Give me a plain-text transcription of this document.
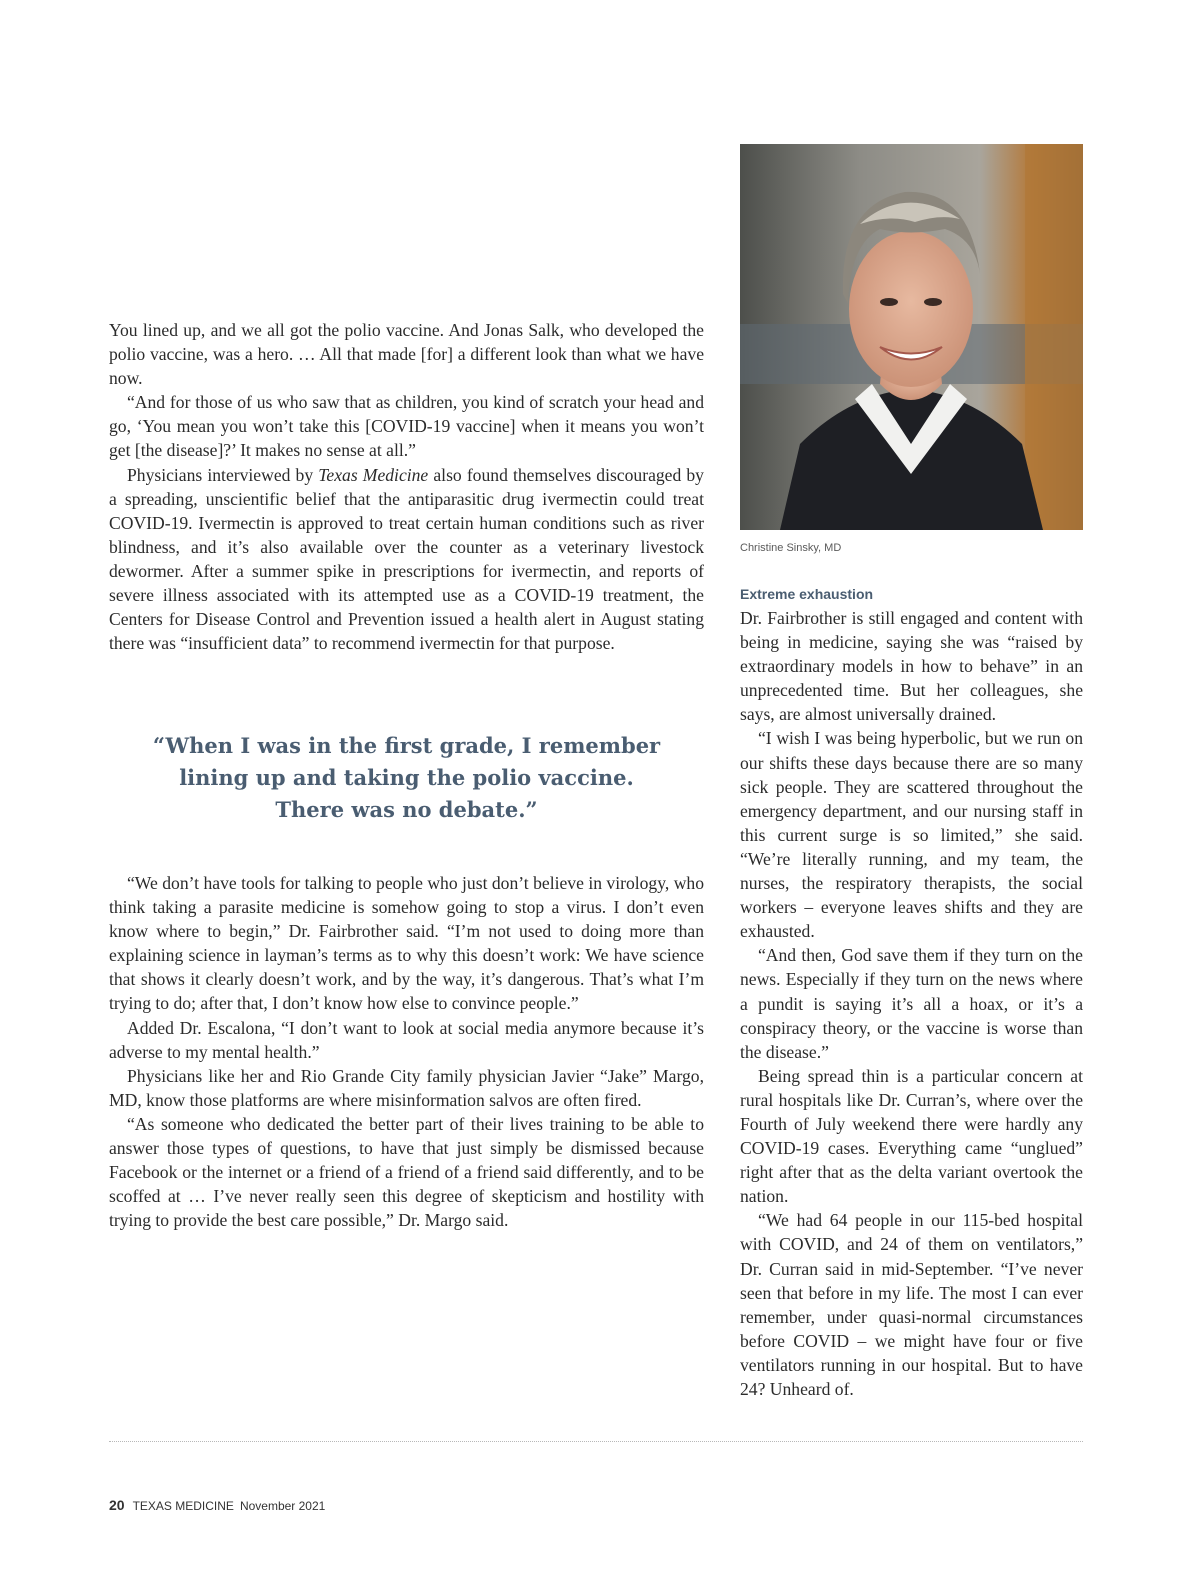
You lined up, and we all got the polio vaccine. And Jonas Salk, who developed the polio vaccine, was a hero. … All that made [for] a different look than what we have now.

“And for those of us who saw that as children, you kind of scratch your head and go, ‘You mean you won’t take this [COVID-19 vaccine] when it means you won’t get [the disease]?’ It makes no sense at all.”

Physicians interviewed by Texas Medicine also found themselves discouraged by a spreading, unscientific belief that the antiparasitic drug ivermectin could treat COVID-19. Ivermectin is approved to treat certain human conditions such as river blindness, and it’s also available over the counter as a veterinary livestock dewormer. After a summer spike in prescriptions for ivermectin, and reports of severe illness associated with its attempted use as a COVID-19 treatment, the Centers for Disease Control and Prevention issued a health alert in August stating there was “insufficient data” to recommend ivermectin for that purpose.

“When I was in the first grade, I remember
lining up and taking the polio vaccine.
There was no debate.”

“We don’t have tools for talking to people who just don’t believe in virology, who think taking a parasite medicine is somehow going to stop a virus. I don’t even know where to begin,” Dr. Fairbrother said. “I’m not used to doing more than explaining science in layman’s terms as to why this doesn’t work: We have science that shows it clearly doesn’t work, and by the way, it’s dangerous. That’s what I’m trying to do; after that, I don’t know how else to convince people.”

Added Dr. Escalona, “I don’t want to look at social media anymore because it’s adverse to my mental health.”

Physicians like her and Rio Grande City family physician Javier “Jake” Margo, MD, know those platforms are where misinformation salvos are often fired.

“As someone who dedicated the better part of their lives training to be able to answer those types of questions, to have that just simply be dismissed because Facebook or the internet or a friend of a friend of a friend said differently, and to be scoffed at … I’ve never really seen this degree of skepticism and hostility with trying to provide the best care possible,” Dr. Margo said.

Christine Sinsky, MD
Extreme exhaustion

Dr. Fairbrother is still engaged and content with being in medicine, saying she was “raised by extraordinary models in how to behave” in an unprecedented time. But her colleagues, she says, are almost universally drained.

“I wish I was being hyperbolic, but we run on our shifts these days because there are so many sick people. They are scattered throughout the emergency department, and our nursing staff in this current surge is so limited,” she said. “We’re literally running, and my team, the nurses, the respiratory therapists, the social workers – everyone leaves shifts and they are exhausted.

“And then, God save them if they turn on the news. Especially if they turn on the news where a pundit is saying it’s all a hoax, or it’s a conspiracy theory, or the vaccine is worse than the disease.”

Being spread thin is a particular concern at rural hospitals like Dr. Curran’s, where over the Fourth of July weekend there were hardly any COVID-19 cases. Everything came “unglued” right after that as the delta variant overtook the nation.

“We had 64 people in our 115-bed hospital with COVID, and 24 of them on ventilators,” Dr. Curran said in mid-September. “I’ve never seen that before in my life. The most I can ever remember, under quasi-normal circumstances before COVID – we might have four or five ventilators running in our hospital. But to have 24? Unheard of.

20 TEXAS MEDICINE November 2021
